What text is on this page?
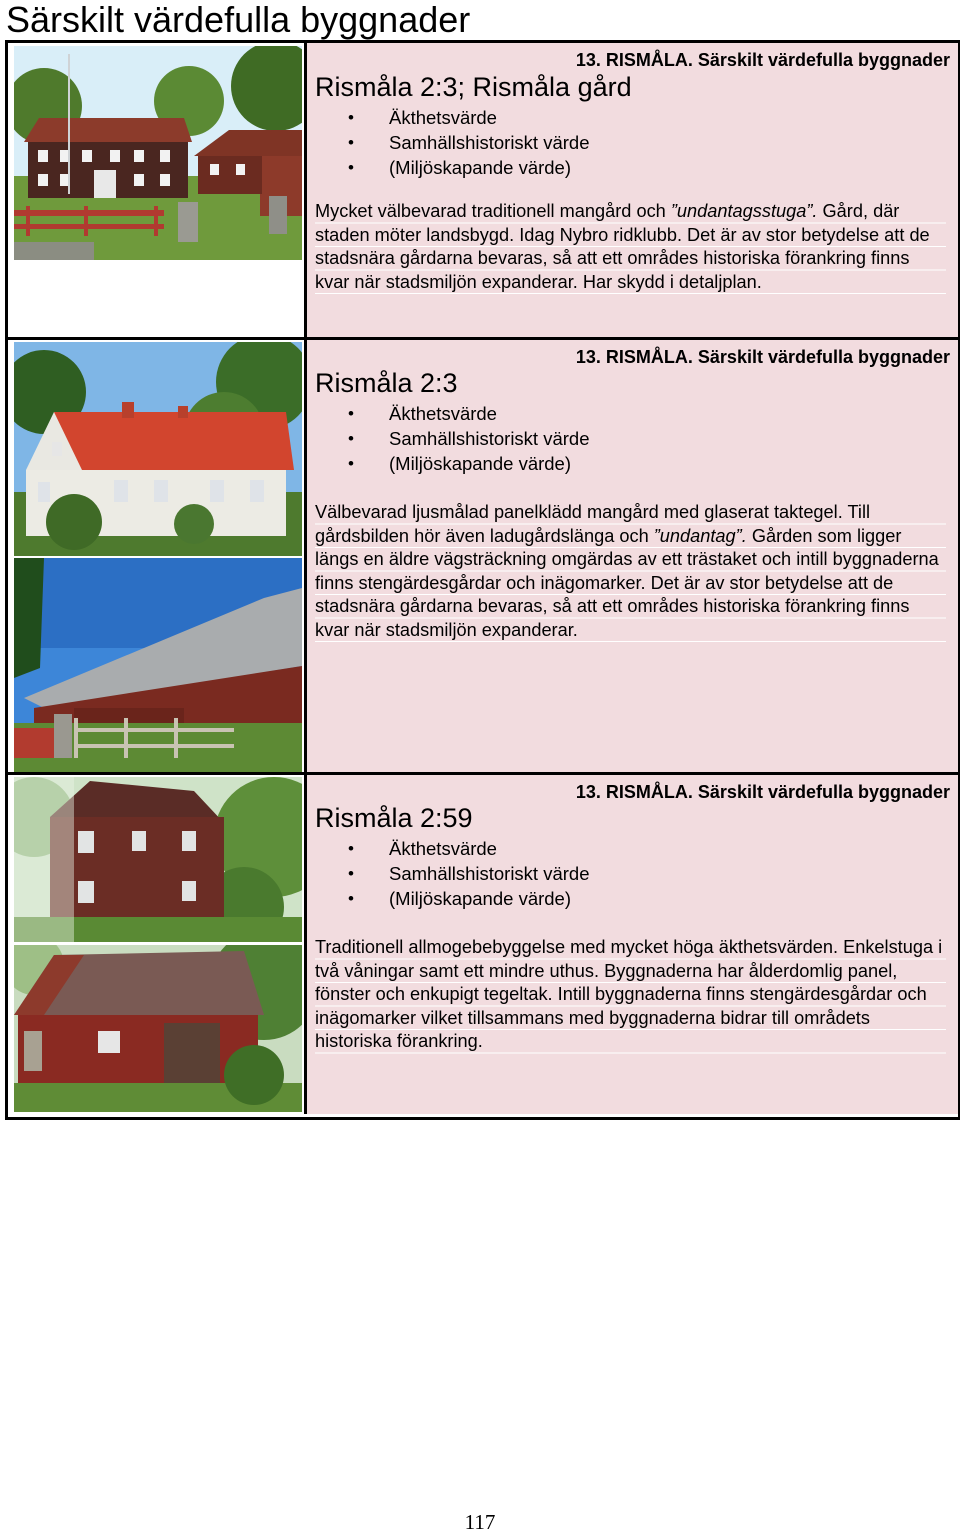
Särskilt värdefulla byggnader
13. RISMÅLA. Särskilt värdefulla byggnader
Rismåla 2:3; Rismåla gård
• Äkthetsvärde
• Samhällshistoriskt värde
• (Miljöskapande värde)

Mycket välbevarad traditionell mangård och ”undantagsstuga”. Gård, där staden möter landsbygd. Idag Nybro ridklubb. Det är av stor betydelse att de stadsnära gårdarna bevaras, så att ett områdes historiska förankring finns kvar när stadsmiljön expanderar. Har skydd i detaljplan.

13. RISMÅLA. Särskilt värdefulla byggnader
Rismåla 2:3
• Äkthetsvärde
• Samhällshistoriskt värde
• (Miljöskapande värde)

Välbevarad ljusmålad panelklädd mangård med glaserat taktegel. Till gårdsbilden hör även ladugårdslänga och ”undantag”. Gården som ligger längs en äldre vägsträckning omgärdas av ett trästaket och intill byggnaderna finns stengärdesgårdar och inägomarker. Det är av stor betydelse att de stadsnära gårdarna bevaras, så att ett områdes historiska förankring finns kvar när stadsmiljön expanderar.

13. RISMÅLA. Särskilt värdefulla byggnader
Rismåla 2:59
• Äkthetsvärde
• Samhällshistoriskt värde
• (Miljöskapande värde)

Traditionell allmogebebyggelse med mycket höga äkthetsvärden. Enkelstuga i två våningar samt ett mindre uthus. Byggnaderna har ålderdomlig panel, fönster och enkupigt tegeltak. Intill byggnaderna finns stengärdesgårdar och inägomarker vilket tillsammans med byggnaderna bidrar till områdets historiska förankring.

117
